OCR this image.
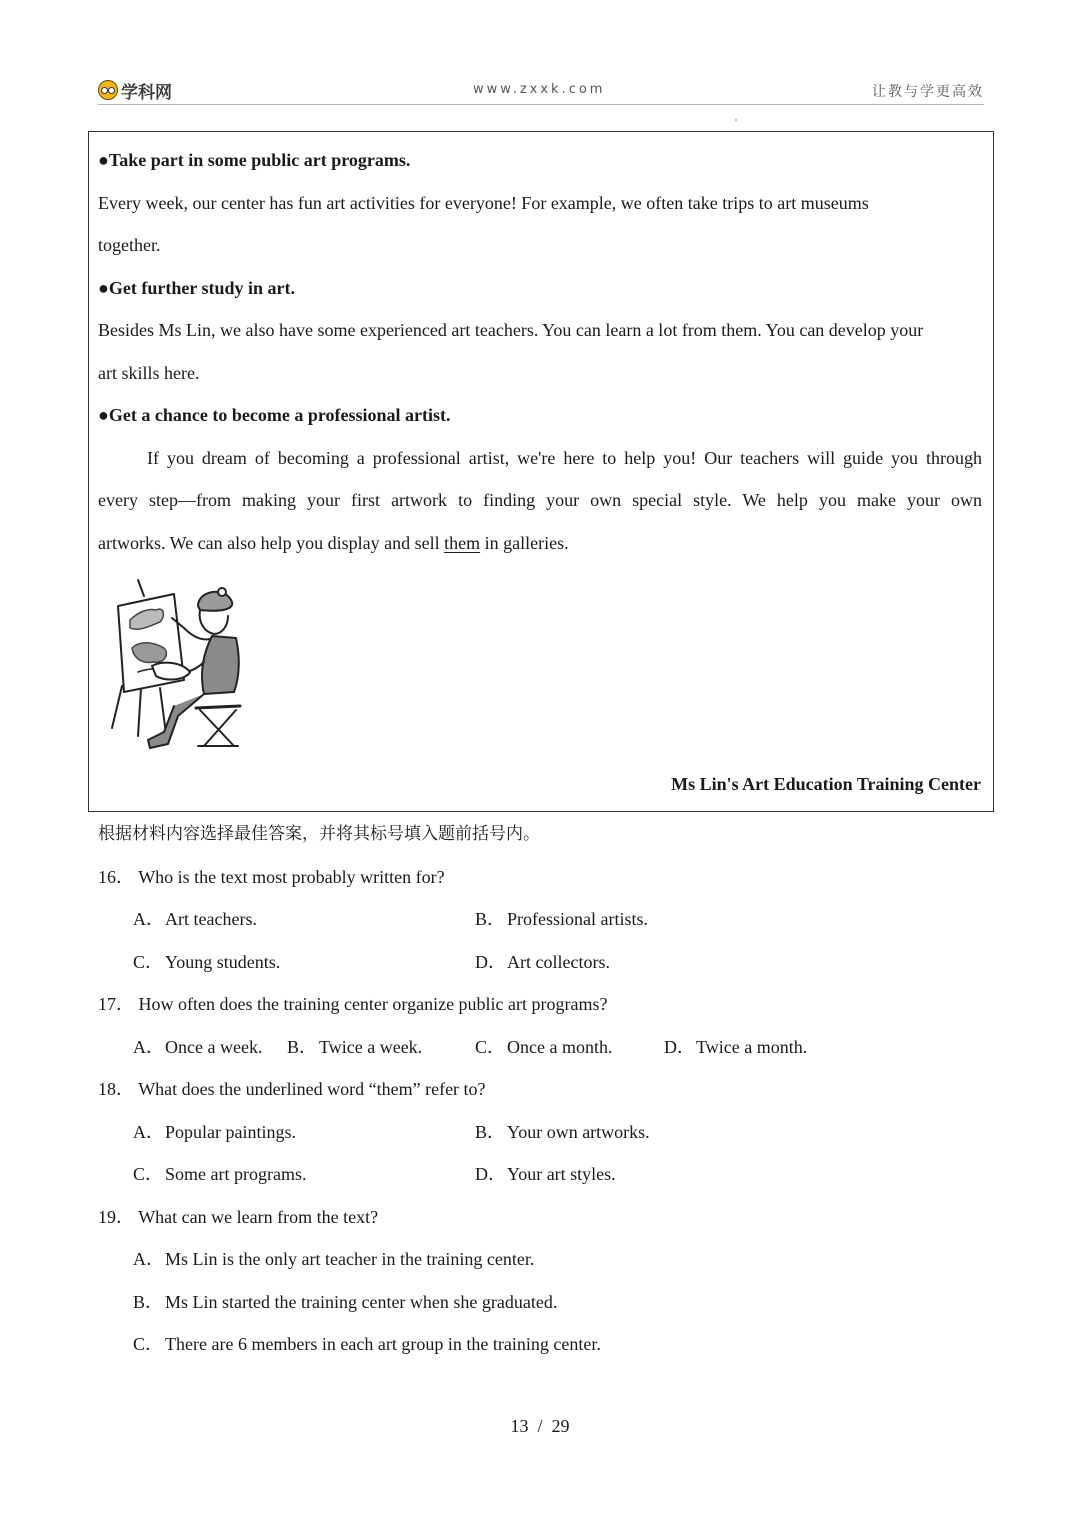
学科网	www.zxxk.com	让教与学更高效
●Take part in some public art programs.
Every week, our center has fun art activities for everyone! For example, we often take trips to art museums
together.
●Get further study in art.
Besides Ms Lin, we also have some experienced art teachers. You can learn a lot from them. You can develop your
art skills here.
●Get a chance to become a professional artist.
If you dream of becoming a professional artist, we're here to help you! Our teachers will guide you through
every step—from making your first artwork to finding your own special style. We help you make your own
artworks. We can also help you display and sell them in galleries.
Ms Lin's Art Education Training Center
根据材料内容选择最佳答案，并将其标号填入题前括号内。
16． Who is the text most probably written for?
A．Art teachers.	B． Professional artists.
C． Young students.	D．Art collectors.
17． How often does the training center organize public art programs?
A．Once a week. B． Twice a week.	C． Once a month.	D．Twice a month.
18． What does the underlined word “them” refer to?
A．Popular paintings.	B． Your own artworks.
C． Some art programs.	D．Your art styles.
19． What can we learn from the text?
A．Ms Lin is the only art teacher in the training center.
B． Ms Lin started the training center when she graduated.
C． There are 6 members in each art group in the training center.
13  /  29
